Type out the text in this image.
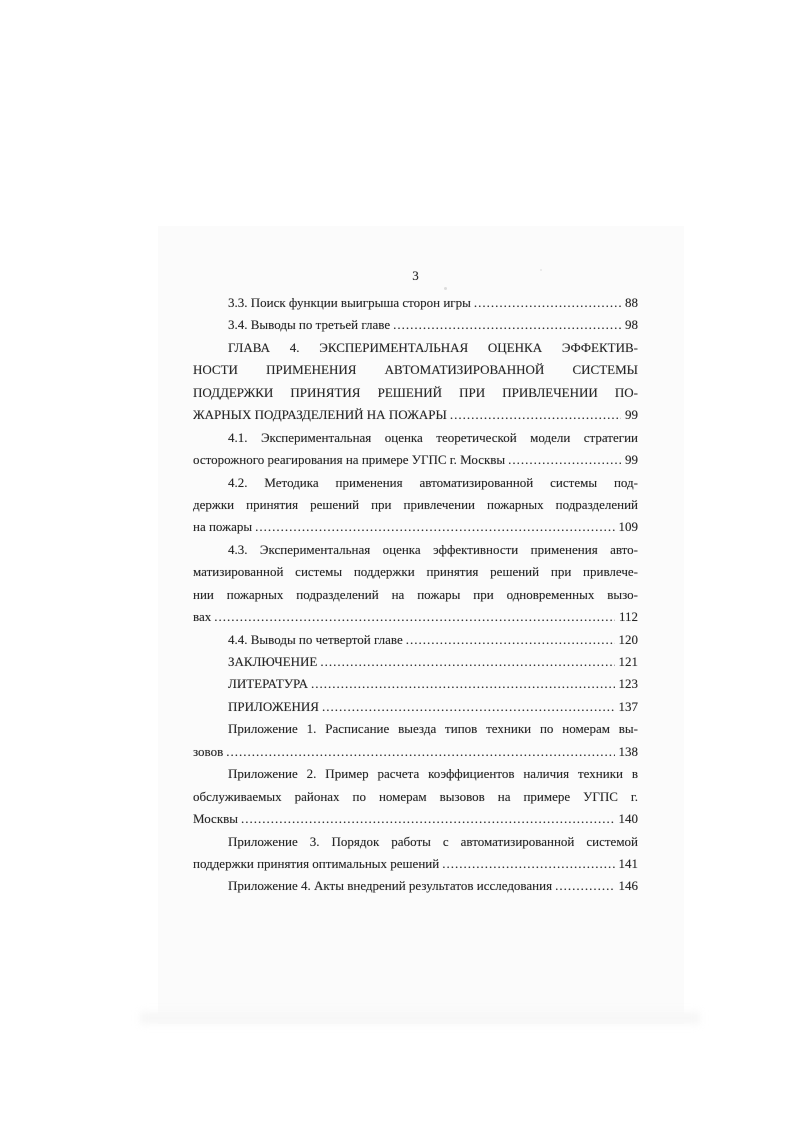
3
3.3. Поиск функции выигрыша сторон игры .....	88
3.4. Выводы по третьей главе .....	98
ГЛАВА 4. ЭКСПЕРИМЕНТАЛЬНАЯ ОЦЕНКА ЭФФЕКТИВ-
НОСТИ ПРИМЕНЕНИЯ АВТОМАТИЗИРОВАННОЙ СИСТЕМЫ
ПОДДЕРЖКИ ПРИНЯТИЯ РЕШЕНИЙ ПРИ ПРИВЛЕЧЕНИИ ПО-
ЖАРНЫХ ПОДРАЗДЕЛЕНИЙ НА ПОЖАРЫ .....	99
4.1. Экспериментальная оценка теоретической модели стратегии
осторожного реагирования на примере УГПС г. Москвы .....	99
4.2. Методика применения автоматизированной системы под-
держки принятия решений при привлечении пожарных подразделений
на пожары .....	109
4.3. Экспериментальная оценка эффективности применения авто-
матизированной системы поддержки принятия решений при привлече-
нии пожарных подразделений на пожары при одновременных вызо-
вах .....	112
4.4. Выводы по четвертой главе .....	120
ЗАКЛЮЧЕНИЕ .....	121
ЛИТЕРАТУРА .....	123
ПРИЛОЖЕНИЯ .....	137
Приложение 1. Расписание выезда типов техники по номерам вы-
зовов .....	138
Приложение 2. Пример расчета коэффициентов наличия техники в
обслуживаемых районах по номерам вызовов на примере УГПС г.
Москвы .....	140
Приложение 3. Порядок работы с автоматизированной системой
поддержки принятия оптимальных решений .....	141
Приложение 4. Акты внедрений результатов исследования .....	146
